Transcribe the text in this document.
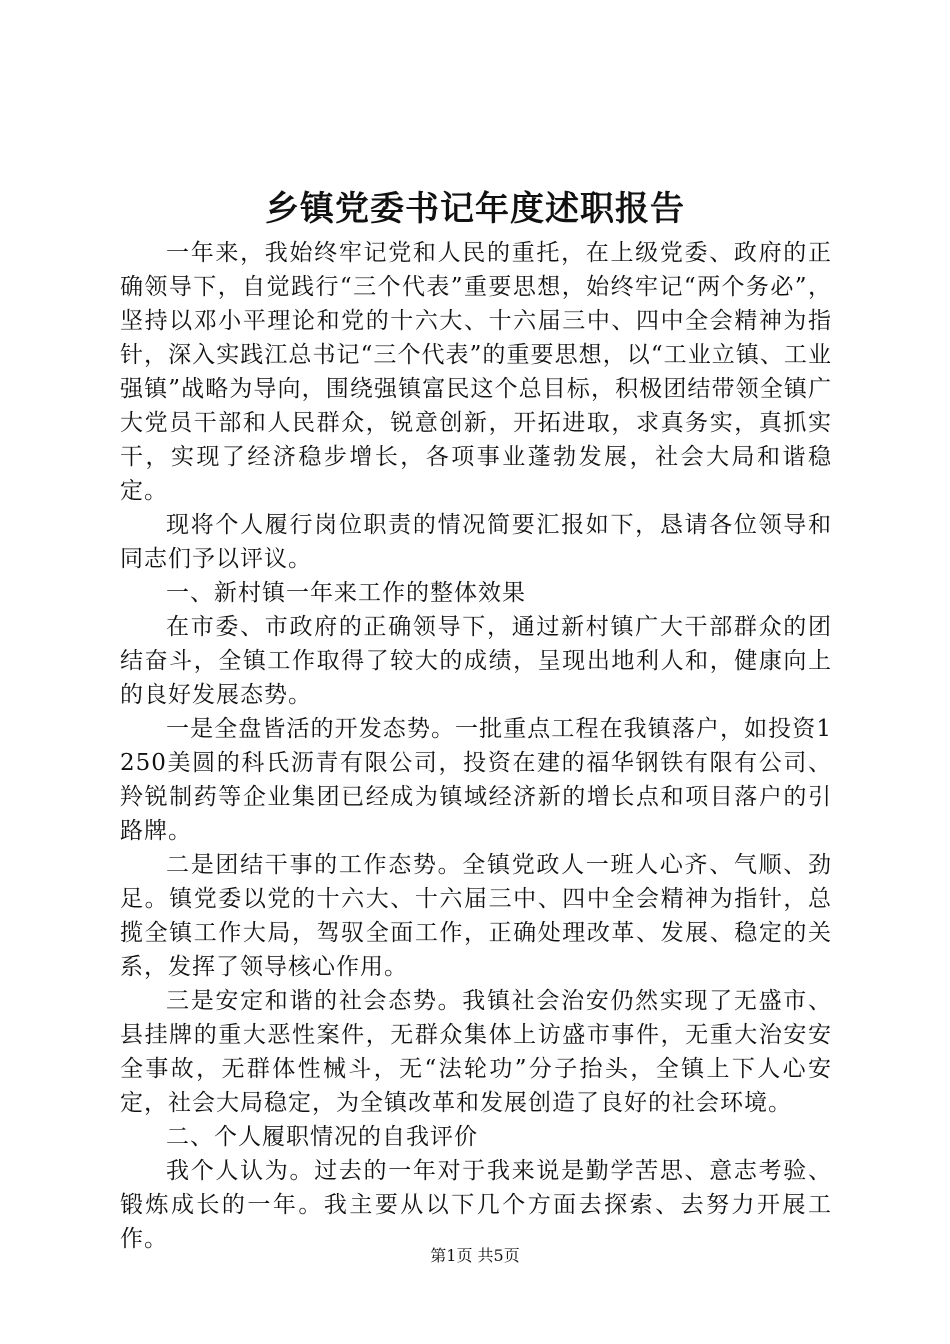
乡镇党委书记年度述职报告

一年来，我始终牢记党和人民的重托，在上级党委、政府的正确领导下，自觉践行“三个代表”重要思想，始终牢记“两个务必”，坚持以邓小平理论和党的十六大、十六届三中、四中全会精神为指针，深入实践江总书记“三个代表”的重要思想，以“工业立镇、工业强镇”战略为导向，围绕强镇富民这个总目标，积极团结带领全镇广大党员干部和人民群众，锐意创新，开拓进取，求真务实，真抓实干，实现了经济稳步增长，各项事业蓬勃发展，社会大局和谐稳定。

现将个人履行岗位职责的情况简要汇报如下，恳请各位领导和同志们予以评议。

一、新村镇一年来工作的整体效果

在市委、市政府的正确领导下，通过新村镇广大干部群众的团结奋斗，全镇工作取得了较大的成绩，呈现出地利人和，健康向上的良好发展态势。

一是全盘皆活的开发态势。一批重点工程在我镇落户，如投资1250美圆的科氏沥青有限公司，投资在建的福华钢铁有限有公司、羚锐制药等企业集团已经成为镇域经济新的增长点和项目落户的引路牌。

二是团结干事的工作态势。全镇党政人一班人心齐、气顺、劲足。镇党委以党的十六大、十六届三中、四中全会精神为指针，总揽全镇工作大局，驾驭全面工作，正确处理改革、发展、稳定的关系，发挥了领导核心作用。

三是安定和谐的社会态势。我镇社会治安仍然实现了无盛市、县挂牌的重大恶性案件，无群众集体上访盛市事件，无重大治安安全事故，无群体性械斗，无“法轮功”分子抬头，全镇上下人心安定，社会大局稳定，为全镇改革和发展创造了良好的社会环境。

二、个人履职情况的自我评价

我个人认为。过去的一年对于我来说是勤学苦思、意志考验、锻炼成长的一年。我主要从以下几个方面去探索、去努力开展工作。

第1页 共5页
